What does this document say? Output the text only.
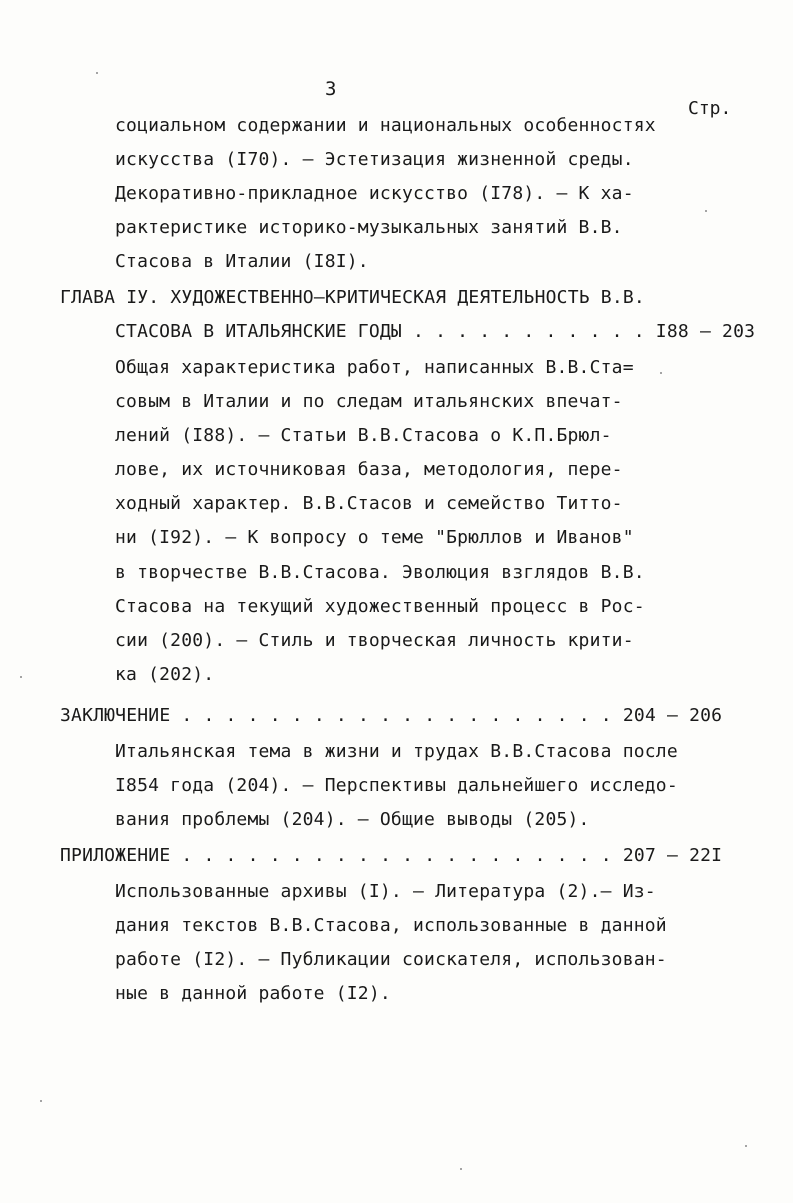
3
Стр.
социальном содержании и национальных особенностях
искусства (I70). – Эстетизация жизненной среды.
Декоративно-прикладное искусство (I78). – К ха-
рактеристике историко-музыкальных занятий В.В.
Стасова в Италии (I8I).
ГЛАВА IУ. ХУДОЖЕСТВЕННО–КРИТИЧЕСКАЯ ДЕЯТЕЛЬНОСТЬ В.В.
СТАСОВА В ИТАЛЬЯНСКИЕ ГОДЫ . . . . . . . . . . . I88 – 203
Общая характеристика работ, написанных В.В.Ста=
совым в Италии и по следам итальянских впечат-
лений (I88). – Статьи В.В.Стасова о К.П.Брюл-
лове, их источниковая база, методология, пере-
ходный характер. В.В.Стасов и семейство Титто-
ни (I92). – К вопросу о теме "Брюллов и Иванов"
в творчестве В.В.Стасова. Эволюция взглядов В.В.
Стасова на текущий художественный процесс в Рос-
сии (200). – Стиль и творческая личность крити-
ка (202).
ЗАКЛЮЧЕНИЕ . . . . . . . . . . . . . . . . . . . . 204 – 206
Итальянская тема в жизни и трудах В.В.Стасова после
I854 года (204). – Перспективы дальнейшего исследо-
вания проблемы (204). – Общие выводы (205).
ПРИЛОЖЕНИЕ . . . . . . . . . . . . . . . . . . . . 207 – 22I
Использованные архивы (I). – Литература (2).– Из-
дания текстов В.В.Стасова, использованные в данной
работе (I2). – Публикации соискателя, использован-
ные в данной работе (I2).
